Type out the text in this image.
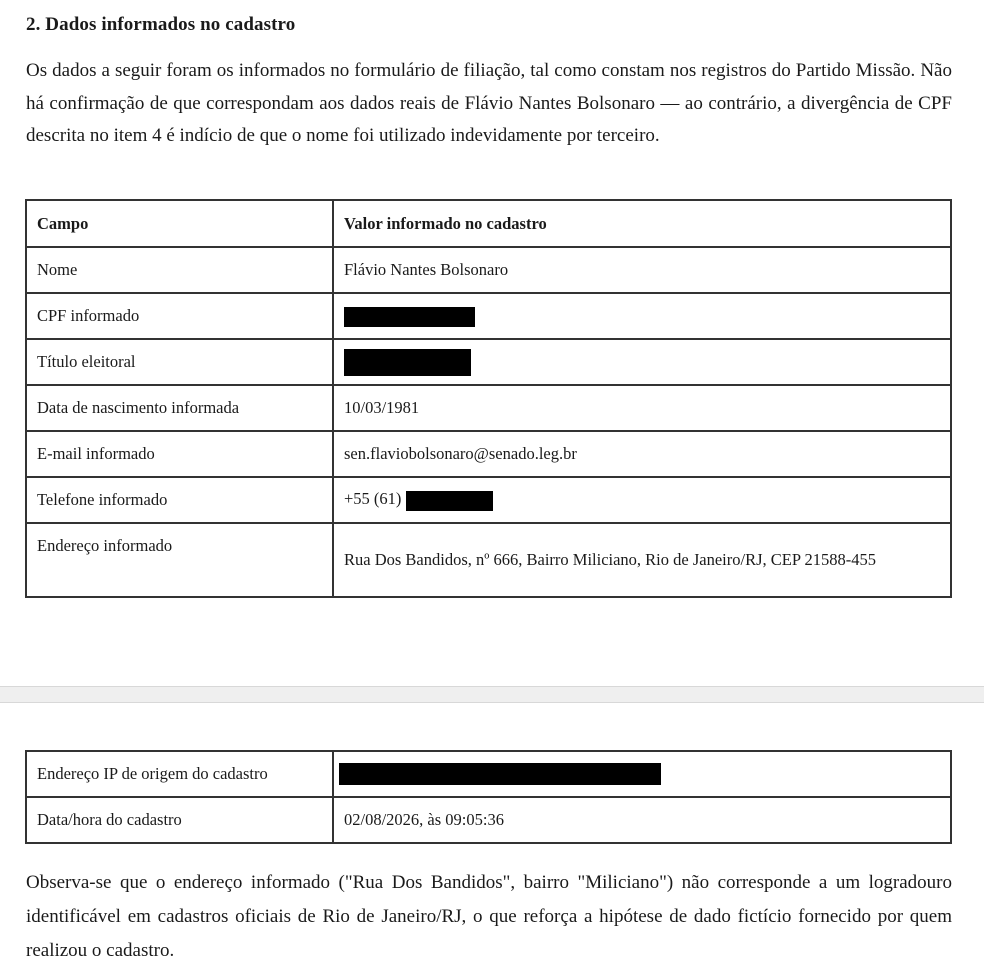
2. Dados informados no cadastro

Os dados a seguir foram os informados no formulário de filiação, tal como constam nos registros do Partido Missão. Não há confirmação de que correspondam aos dados reais de Flávio Nantes Bolsonaro — ao contrário, a divergência de CPF descrita no item 4 é indício de que o nome foi utilizado indevidamente por terceiro.

Campo	Valor informado no cadastro
Nome	Flávio Nantes Bolsonaro
CPF informado	
Título eleitoral	
Data de nascimento informada	10/03/1981
E-mail informado	sen.flaviobolsonaro@senado.leg.br
Telefone informado	+55 (61)
Endereço informado	Rua Dos Bandidos, nº 666, Bairro Miliciano, Rio de Janeiro/RJ, CEP 21588-455
Endereço IP de origem do cadastro	
Data/hora do cadastro	02/08/2026, às 09:05:36

Observa-se que o endereço informado ("Rua Dos Bandidos", bairro "Miliciano") não corresponde a um logradouro identificável em cadastros oficiais de Rio de Janeiro/RJ, o que reforça a hipótese de dado fictício fornecido por quem realizou o cadastro.
